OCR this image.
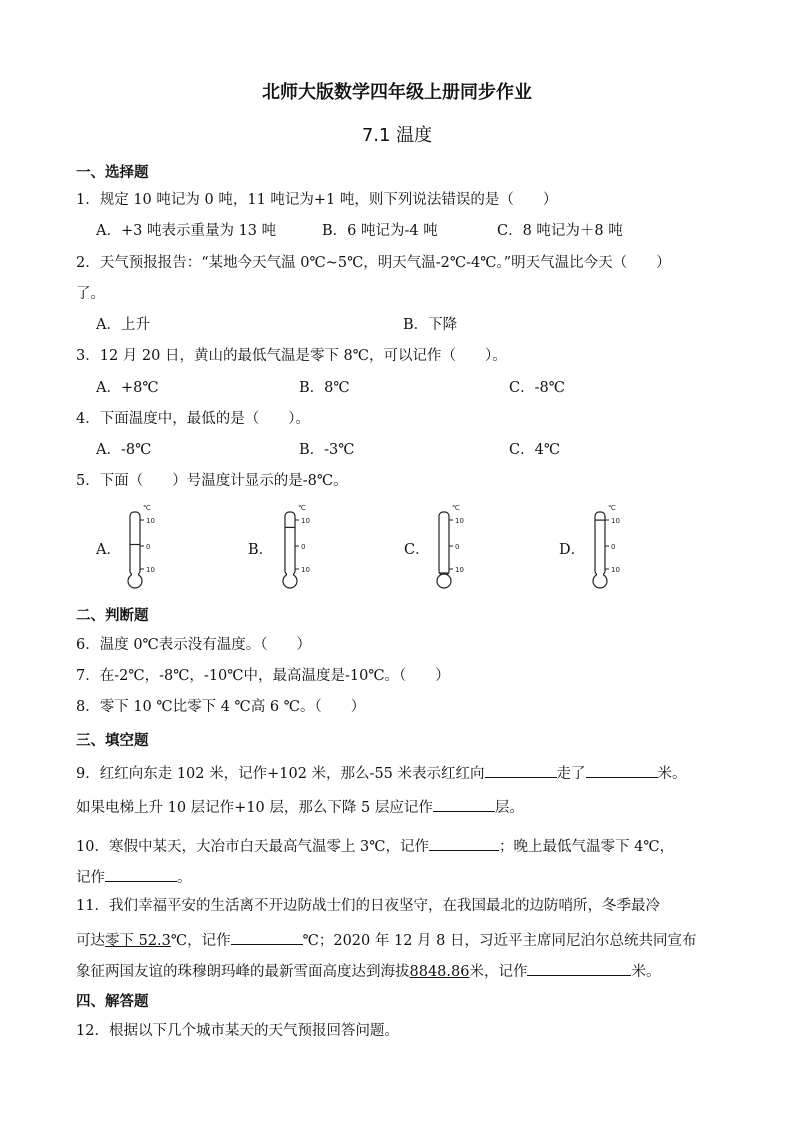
北师大版数学四年级上册同步作业
7.1 温度
一、选择题
1．规定 10 吨记为 0 吨，11 吨记为+1 吨，则下列说法错误的是（　　）
A．+3 吨表示重量为 13 吨	B．6 吨记为-4 吨	C．8 吨记为＋8 吨
2．天气预报报告：“某地今天气温 0℃~5℃，明天气温-2℃-4℃。”明天气温比今天（　　）
了。
A．上升	B．下降
3．12 月 20 日，黄山的最低气温是零下 8℃，可以记作（　　）。
A．+8℃	B．8℃	C．-8℃
4．下面温度中，最低的是（　　）。
A．-8℃	B．-3℃	C．4℃
5．下面（　　）号温度计显示的是-8℃。
A．	B．	C．	D．
10
0
10
℃
10
0
10
℃
10
0
10
℃
10
0
10
℃
二、判断题
6．温度 0℃表示没有温度。（　　）
7．在-2℃，-8℃，-10℃中，最高温度是-10℃。（　　）
8．零下 10 ℃比零下 4 ℃高 6 ℃。（　　）
三、填空题
9．红红向东走 102 米，记作+102 米，那么-55 米表示红红向	走了	米。
如果电梯上升 10 层记作+10 层，那么下降 5 层应记作	层。
10．寒假中某天，大冶市白天最高气温零上 3℃，记作	；晚上最低气温零下 4℃，
记作	。
11．我们幸福平安的生活离不开边防战士们的日夜坚守，在我国最北的边防哨所，冬季最冷
可达零下 52.3℃，记作	℃；2020 年 12 月 8 日，习近平主席同尼泊尔总统共同宣布
象征两国友谊的珠穆朗玛峰的最新雪面高度达到海拔8848.86米，记作	米。
四、解答题
12．根据以下几个城市某天的天气预报回答问题。
